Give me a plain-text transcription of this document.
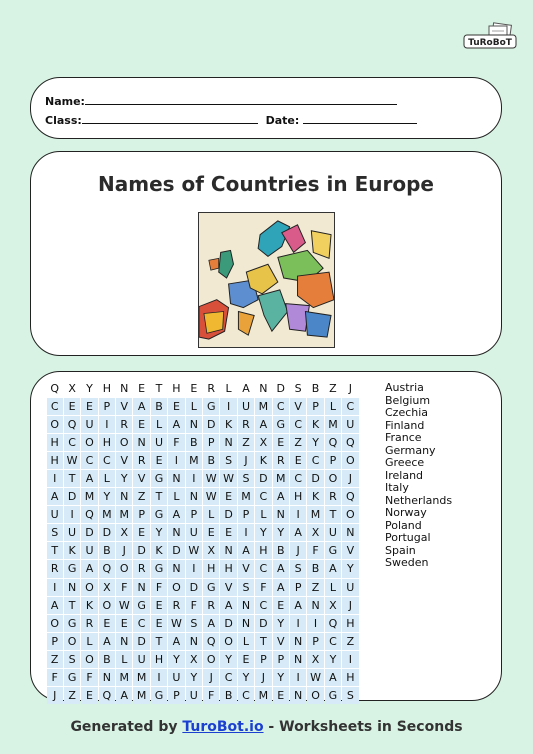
TuRoBoT
Name:
Class:	Date:
Names of Countries in Europe
Q X Y H N E T H E R L A N D S B Z	J
C E E P V A B E L G	I	U M C V P	L C
O Q U	I	R E L A N D K R A G C K M U
H C O H O N U F B P N Z X E Z Y Q Q
H W C C V R E	I	M B S	J	K R E C P O
I	T A L Y V G N	I W W S D M C D O	J
A D M Y N Z T L N W E M C A H K R Q
U	I	Q M M P G A P	L D P	L N	I	M T O
S U D D X E Y N U E E	I	Y Y A X U N
T K U B	J	D K D W X N A H B	J	F G V
R G A Q O R G N	I	H H V C A S B A Y
I	N O X F N F O D G V S F A P Z L U
A T K O W G E R F R A N C E A N X	J
O G R E E C E W S A D N D Y	I	I	Q H
P O L A N D T A N Q O L T V N P C Z
Z S O B L U H Y X O Y E P P N X Y	I
F G F N M M	I	U Y	J	C Y	J	Y	I W A H
J	Z E Q A M G P U F B C M E N O G S
Austria
Belgium
Czechia
Finland
France
Germany
Greece
Ireland
Italy
Netherlands
Norway
Poland
Portugal
Spain
Sweden
Generated by TuroBot.io - Worksheets in Seconds
